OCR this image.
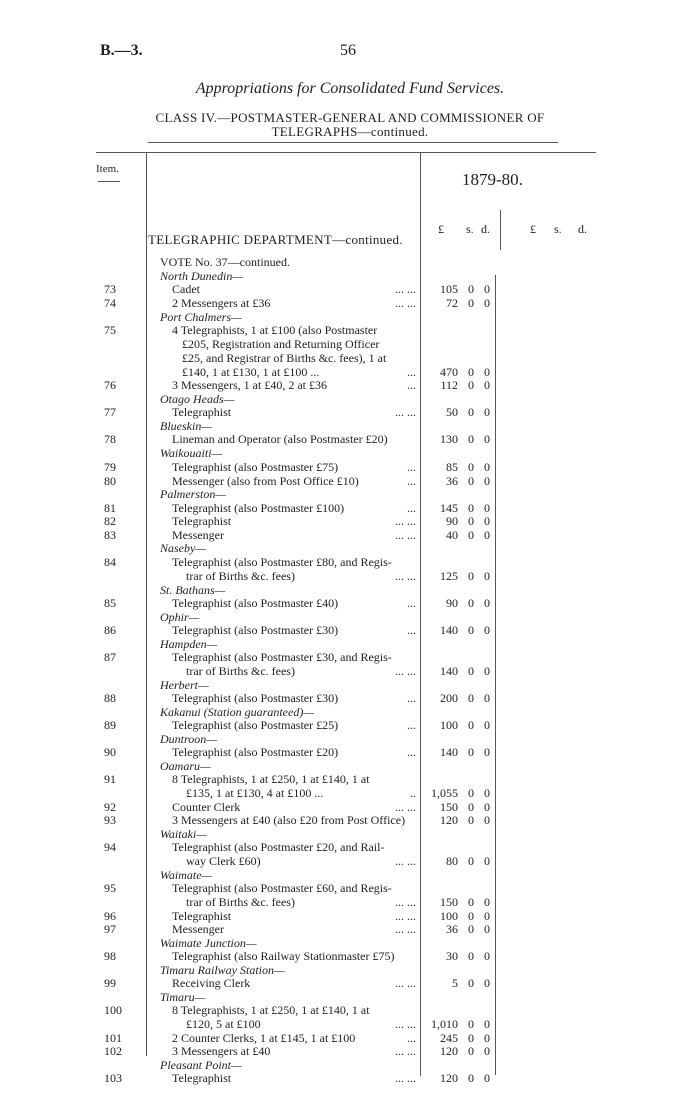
B.—3.	56
Appropriations for Consolidated Fund Services.
CLASS IV.—POSTMASTER-GENERAL AND COMMISSIONER OF
TELEGRAPHS—continued.
Item.
1879-80.
£ s. d.	£ s. d.
TELEGRAPHIC DEPARTMENT—continued.
VOTE No. 37—continued.
North Dunedin—
73	Cadet	... ...	105 0 0
74	2 Messengers at £36	... ...	72 0 0
Port Chalmers—
75	4 Telegraphists, 1 at £100 (also Postmaster
£205, Registration and Returning Officer
£25, and Registrar of Births &c. fees), 1 at
£140, 1 at £130, 1 at £100 ...	...	470 0 0
76	3 Messengers, 1 at £40, 2 at £36	...	112 0 0
Otago Heads—
77	Telegraphist	... ...	50 0 0
Blueskin—
78	Lineman and Operator (also Postmaster £20)	130 0 0
Waikouaiti—
79	Telegraphist (also Postmaster £75)	...	85 0 0
80	Messenger (also from Post Office £10)	...	36 0 0
Palmerston—
81	Telegraphist (also Postmaster £100)	...	145 0 0
82	Telegraphist	... ...	90 0 0
83	Messenger	... ...	40 0 0
Naseby—
84	Telegraphist (also Postmaster £80, and Regis-
trar of Births &c. fees)	... ...	125 0 0
St. Bathans—
85	Telegraphist (also Postmaster £40)	...	90 0 0
Ophir—
86	Telegraphist (also Postmaster £30)	...	140 0 0
Hampden—
87	Telegraphist (also Postmaster £30, and Regis-
trar of Births &c. fees)	... ...	140 0 0
Herbert—
88	Telegraphist (also Postmaster £30)	...	200 0 0
Kakanui (Station guaranteed)—
89	Telegraphist (also Postmaster £25)	...	100 0 0
Duntroon—
90	Telegraphist (also Postmaster £20)	...	140 0 0
Oamaru—
91	8 Telegraphists, 1 at £250, 1 at £140, 1 at
£135, 1 at £130, 4 at £100 ...	..	1,055 0 0
92	Counter Clerk	... ...	150 0 0
93	3 Messengers at £40 (also £20 from Post Office)	120 0 0
Waitaki—
94	Telegraphist (also Postmaster £20, and Rail-
way Clerk £60)	... ...	80 0 0
Waimate—
95	Telegraphist (also Postmaster £60, and Regis-
trar of Births &c. fees)	... ...	150 0 0
96	Telegraphist	... ...	100 0 0
97	Messenger	... ...	36 0 0
Waimate Junction—
98	Telegraphist (also Railway Stationmaster £75)	30 0 0
Timaru Railway Station—
99	Receiving Clerk	... ...	5 0 0
Timaru—
100	8 Telegraphists, 1 at £250, 1 at £140, 1 at
£120, 5 at £100	... ...	1,010 0 0
101	2 Counter Clerks, 1 at £145, 1 at £100	...	245 0 0
102	3 Messengers at £40	... ...	120 0 0
Pleasant Point—
103	Telegraphist	... ...	120 0 0
